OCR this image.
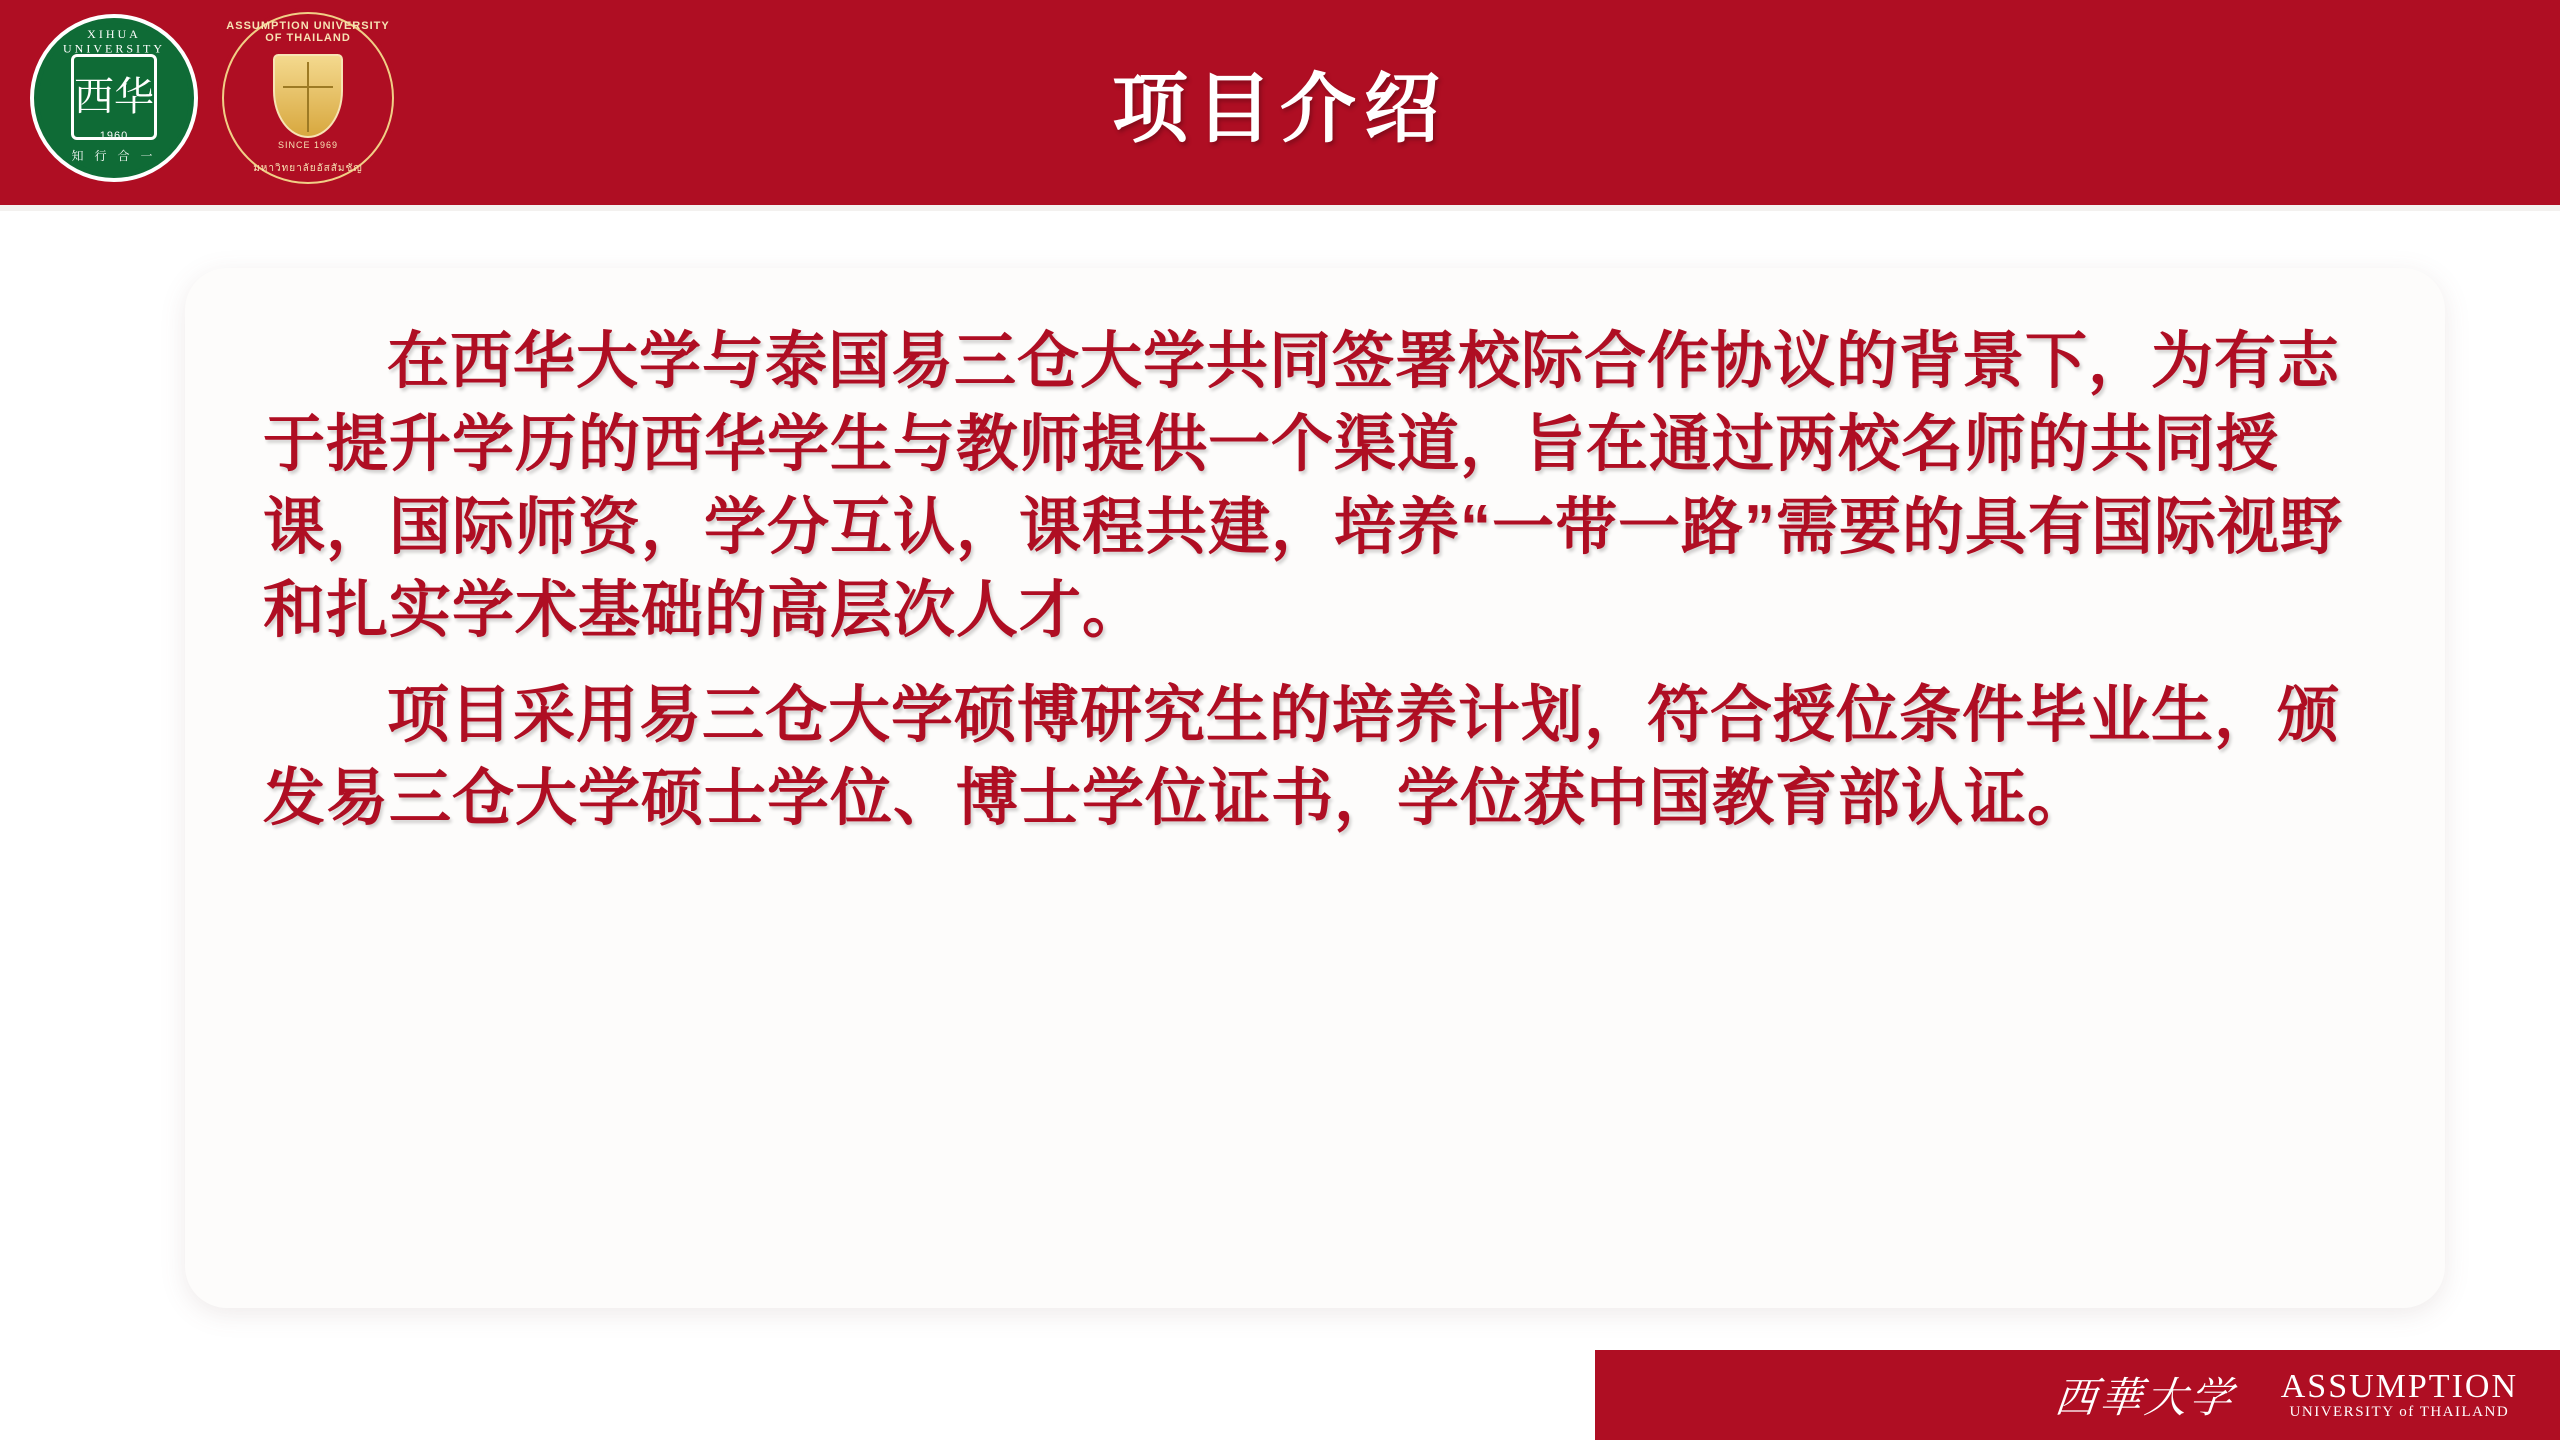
XIHUA UNIVERSITY
西华
1960
知 行 合 一
ASSUMPTION UNIVERSITY OF THAILAND
SINCE 1969
มหาวิทยาลัยอัสสัมชัญ
项目介绍

在西华大学与泰国易三仓大学共同签署校际合作协议的背景下，为有志于提升学历的西华学生与教师提供一个渠道，旨在通过两校名师的共同授课，国际师资，学分互认，课程共建，培养“一带一路”需要的具有国际视野和扎实学术基础的高层次人才。

项目采用易三仓大学硕博研究生的培养计划，符合授位条件毕业生，颁发易三仓大学硕士学位、博士学位证书，学位获中国教育部认证。

西華大学 ASSUMPTION
UNIVERSITY of THAILAND
